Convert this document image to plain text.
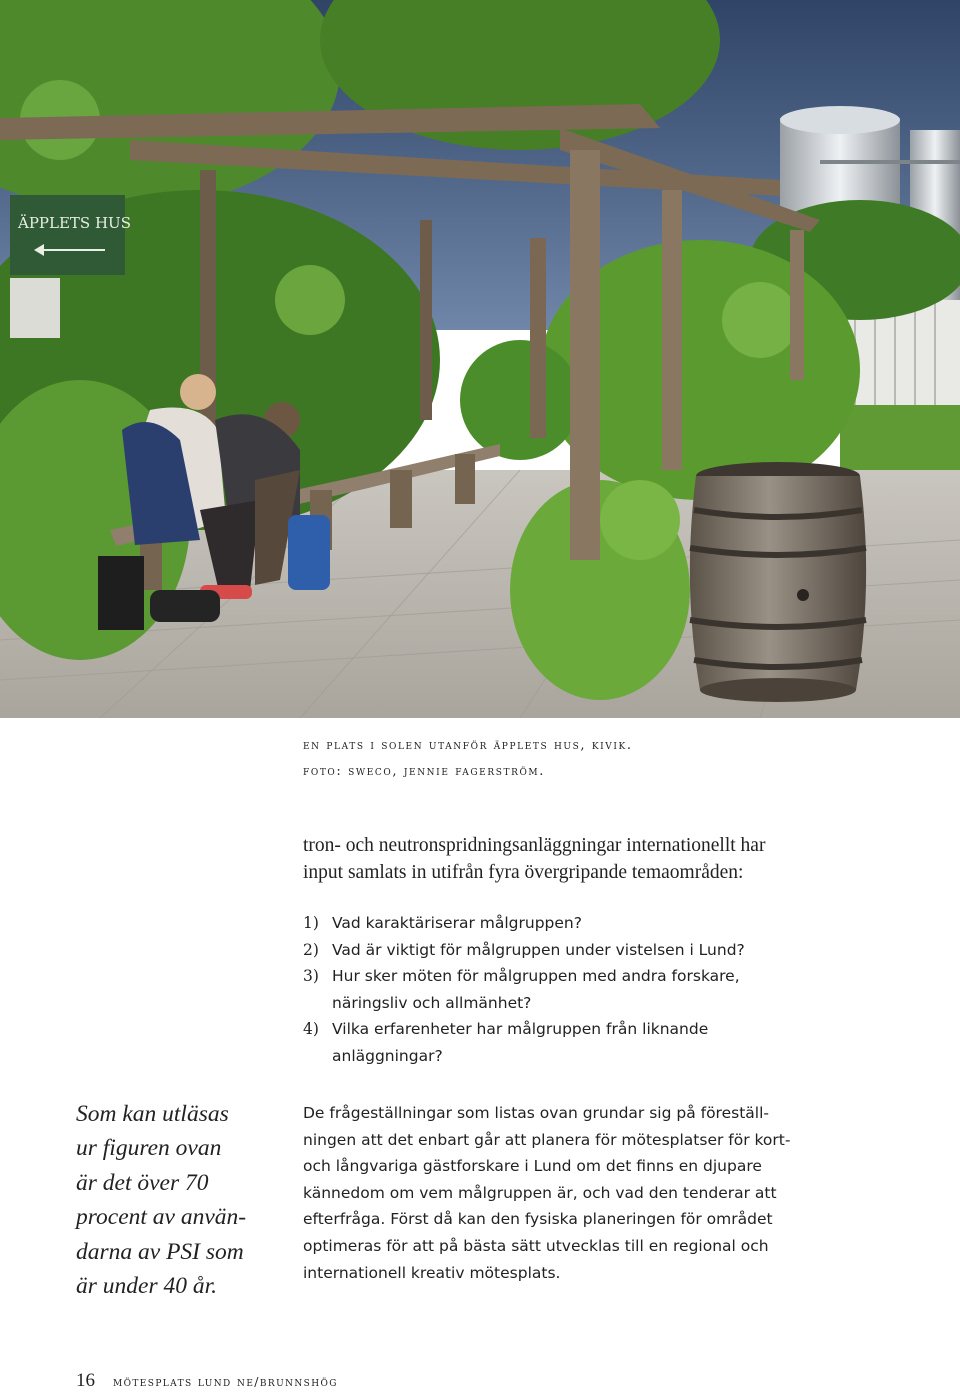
ÄPPLETS HUS
en plats i solen utanför äpplets hus, kivik.
foto: sweco, jennie fagerström.
tron- och neutronspridningsanläggningar internationellt har
input samlats in utifrån fyra övergripande temaområden:
1) Vad karaktäriserar målgruppen?
2) Vad är viktigt för målgruppen under vistelsen i Lund?
3) Hur sker möten för målgruppen med andra forskare,
näringsliv och allmänhet?
4) Vilka erfarenheter har målgruppen från liknande
anläggningar?
Som kan utläsas
ur figuren ovan
är det över 70
procent av använ-
darna av PSI som
är under 40 år.
De frågeställningar som listas ovan grundar sig på föreställ-
ningen att det enbart går att planera för mötesplatser för kort-
och långvariga gästforskare i Lund om det finns en djupare
kännedom om vem målgruppen är, och vad den tenderar att
efterfråga. Först då kan den fysiska planeringen för området
optimeras för att på bästa sätt utvecklas till en regional och
internationell kreativ mötesplats.
16 mötesplats lund ne/brunnshög
